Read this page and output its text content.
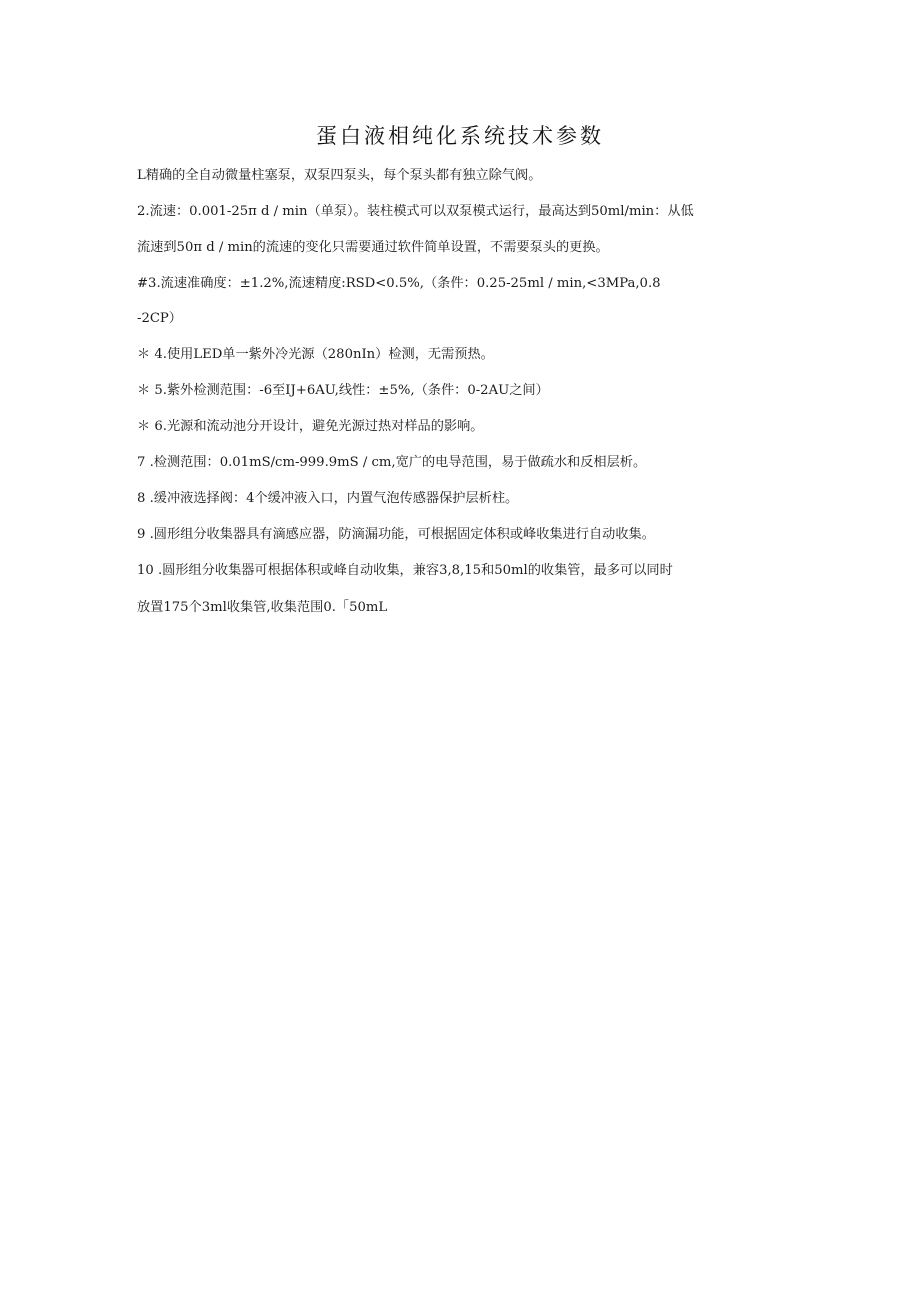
蛋白液相纯化系统技术参数
L精确的全自动微量柱塞泵，双泵四泵头，每个泵头都有独立除气阀。
2.流速：0.001-25π d / min（单泵）。装柱模式可以双泵模式运行，最高达到50ml/min：从低
流速到50π d / min的流速的变化只需要通过软件简单设置，不需要泵头的更换。
#3.流速准确度：±1.2%,流速精度:RSD<0.5%,（条件：0.25-25ml / min,<3MPa,0.8
-2CP）
＊ 4.使用LED单一紫外冷光源（280nIn）检测，无需预热。
＊ 5.紫外检测范围：-6至IJ+6AU,线性：±5%,（条件：0-2AU之间）
＊ 6.光源和流动池分开设计，避免光源过热对样品的影响。
7 .检测范围：0.01mS/cm-999.9mS / cm,宽广的电导范围，易于做疏水和反相层析。
8 .缓冲液选择阀：4个缓冲液入口，内置气泡传感器保护层析柱。
9 .圆形组分收集器具有滴感应器，防滴漏功能，可根据固定体积或峰收集进行自动收集。
10 .圆形组分收集器可根据体积或峰自动收集，兼容3,8,15和50ml的收集管，最多可以同时
放置175个3ml收集管,收集范围0.「50mL
